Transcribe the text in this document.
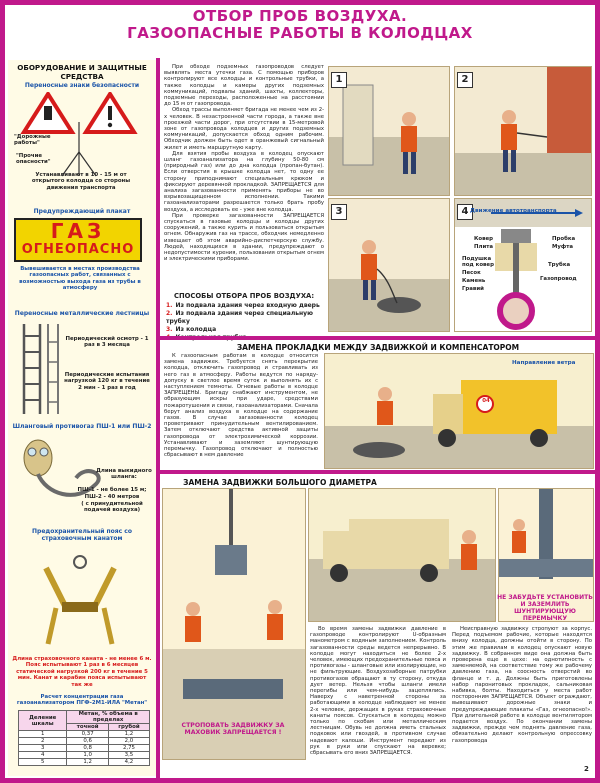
ОТБОР ПРОБ ВОЗДУХА.
ГАЗООПАСНЫЕ РАБОТЫ В КОЛОДЦАХ
ОБОРУДОВАНИЕ И ЗАЩИТНЫЕ СРЕДСТВА
Переносные знаки безопасности
"Дорожные работы"
"Прочие опасности"
Устанавливают в 10 - 15 м от открытого колодца со стороны движения транспорта
Предупреждающий плакат
ГАЗ
ОГНЕОПАСНО
Вывешивается в местах производства газоопасных работ, связанных с возможностью выхода газа из трубы в атмосферу
Переносные металлические лестницы
Периодический осмотр - 1 раз в 3 месяца
Периодические испытания нагрузкой 120 кг в течение 2 мин - 1 раз в год
Шланговый противогаз ПШ-1 или ПШ-2
Длина выкидного шланга:
ПШ-1 - не более 15 м;
ПШ-2 - 40 метров
( с принудительной подачей воздуха)
Предохранительный пояс со страховочным канатом
Длина страховочного каната - не менее 6 м. Пояс испытывают 1 раз в 6 месяцев статической нагрузкой 200 кг в течение 5 мин. Канат и карабин пояса испытывают так же
Расчет концентрации газа газоанализатором ПГФ-2М1-ИЛА "Метан"
Деление шкалы	Метан, % объема в пределах	
	точной	грубой
1	0,37	1,2
2	0,6	2,0
3	0,8	2,75
4	1,0	3,5
5	1,2	4,2
При обходе подземных газопроводов следует выявлять места утечки газа. С помощью приборов контролируют все колодцы и контрольные трубки, а также колодцы и камеры других подземных коммуникаций, подвалы зданий, шахты, коллекторы, подземные переходы, расположенные на расстоянии до 15 м от газопровода.
Обход трассы выполняет бригада не менее чем из 2-х человек. В незастроенной части города, а также вне проезжей части дорог, при отсутствии в 15-метровой зоне от газопровода колодцев и других подземных коммуникаций, допускается обход одним рабочим. Обходчик должен быть одет в оранжевый сигнальный жилет и иметь маршрутную карту.
Для взятия пробы воздуха в колодец опускают шланг газоанализатора на глубину 50-80 см (природный газ) или до дна колодца (пропан-бутан). Если отверстия в крышке колодца нет, то одну ее сторону приподнимают специальным крюком и фиксируют деревянной прокладкой. ЗАПРЕЩАЕТСЯ для анализа загазованности применять приборы не во взрывозащищенном исполнении. Такими газоанализаторами разрешается только брать пробу воздуха, а исследовать ее - уже вне колодца.
При проверке загазованности ЗАПРЕЩАЕТСЯ спускаться в газовые колодцы и колодцы других сооружений, а также курить и пользоваться открытым огнем. Обнаружив газ на трассе, обходчик немедленно извещает об этом аварийно-диспетчерскую службу. Людей, находящихся в здании, предупреждают о недопустимости курения, пользования открытым огнем и электрическими приборами.
СПОСОБЫ ОТБОРА ПРОБ ВОЗДУХА:
1. Из подвала здания через входную дверь
2. Из подвала здания через специальную трубку
3. Из колодца
1	2
3	4 Движение автотранспорта
Ковер
Плита
Пробка
Муфта
Подушка под ковер
Песок
Камень
Гравий
Трубка
Газопровод
ЗАМЕНА ПРОКЛАДКИ МЕЖДУ ЗАДВИЖКОЙ И КОМПЕНСАТОРОМ
К газоопасным работам в колодце относится замена задвижек. Требуется снять перекрытие колодца, отключить газопровод и стравливать из него газ в атмосферу. Работы ведутся по наряду-допуску в светлое время суток и выполнять их с наступлением темноты. Огневые работы в колодце ЗАПРЕЩЕНЫ. Бригаду снабжают инструментом, не образующим искры при ударе, средствами пожаротушения и связи, газоанализаторами. Сначала берут анализ воздуха в колодце на содержание газов. В случае загазованности колодец проветривают принудительным вентилированием. Затем отключают средства активной защиты газопровода от электрохимической коррозии. Устанавливают и заземляют шунтирующую перемычку. Газопровод отключают и полностью сбрасывают в нем давление
Направление ветра
04
ЗАМЕНА ЗАДВИЖКИ БОЛЬШОГО ДИАМЕТРА
СТРОПОВАТЬ ЗАДВИЖКУ ЗА МАХОВИК ЗАПРЕЩАЕТСЯ !
НЕ ЗАБУДЬТЕ УСТАНОВИТЬ И ЗАЗЕМЛИТЬ ШУНТИРУЮЩУЮ ПЕРЕМЫЧКУ
Во время замены задвижки давление в газопроводе контролируют U-образным манометром с водяным заполнением. Контроль загазованности среды ведется непрерывно. В колодце могут находиться не более 2-х человек, имеющих предохранительные пояса и противогазы - шланговые или изолирующие, но не фильтрующие. Воздухозаборные патрубки противогазов обращают в ту сторону, откуда дует ветер. Нельзя чтобы шланги имели перегибы или чем-нибудь зацеплялись. Наверху с наветренной стороны за работающими в колодце наблюдают не менее 2-х человек, держащих в руках страховочные канаты поясов. Спускаться в колодец можно только по скобам или металлическим лестницам. Обувь не должна иметь стальных подковок или гвоздей, в противном случае надевают калоши. Инструмент передают из рук в руки или спускают на веревке; сбрасывать его вниз ЗАПРЕЩАЕТСЯ.
Неисправную задвижку стропуют за корпус. Перед подъемом рабочие, которые находятся внизу колодца, должны отойти в сторону. По этим же правилам в колодец опускают новую задвижку. В собранном виде она должна быть проверена еще в цехе: на однотипность с заменяемой, на соответствие тому же рабочему давлению газа, на соосность отверстий во фланце и т. д. Должны быть приготовлены набор паронитовых прокладок, сальниковая набивка, болты. Находиться у места работ посторонним ЗАПРЕЩАЕТСЯ. Объект ограждают, вывешивают дорожные знаки и предупреждающие плакаты «Газ, огнеопасно!». При длительной работе в колодце вентилятором подается воздух. По окончании замены задвижки, прежде чем поднять давление газа, обязательно делают контрольную опрессовку газопровода
2
